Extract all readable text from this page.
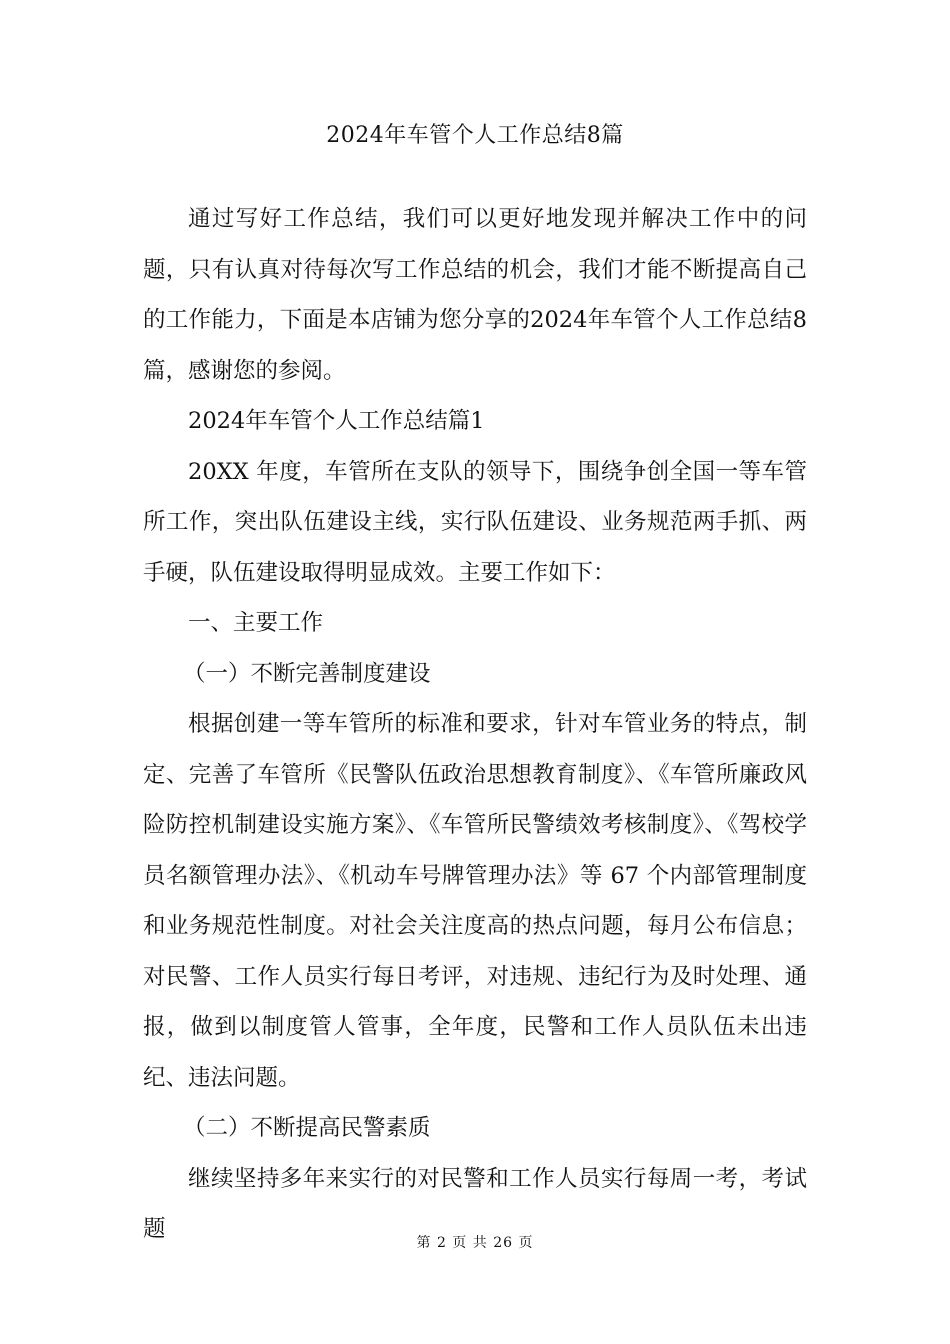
2024年车管个人工作总结8篇

通过写好工作总结，我们可以更好地发现并解决工作中的问题，只有认真对待每次写工作总结的机会，我们才能不断提高自己的工作能力，下面是本店铺为您分享的2024年车管个人工作总结8篇，感谢您的参阅。

2024年车管个人工作总结篇1

20XX 年度，车管所在支队的领导下，围绕争创全国一等车管所工作，突出队伍建设主线，实行队伍建设、业务规范两手抓、两手硬，队伍建设取得明显成效。主要工作如下：

一、主要工作

（一）不断完善制度建设

根据创建一等车管所的标准和要求，针对车管业务的特点，制定、完善了车管所《民警队伍政治思想教育制度》、《车管所廉政风险防控机制建设实施方案》、《车管所民警绩效考核制度》、《驾校学员名额管理办法》、《机动车号牌管理办法》等 67 个内部管理制度和业务规范性制度。对社会关注度高的热点问题，每月公布信息；对民警、工作人员实行每日考评，对违规、违纪行为及时处理、通报，做到以制度管人管事，全年度，民警和工作人员队伍未出违纪、违法问题。

（二）不断提高民警素质

继续坚持多年来实行的对民警和工作人员实行每周一考，考试题

第 2 页 共 26 页
